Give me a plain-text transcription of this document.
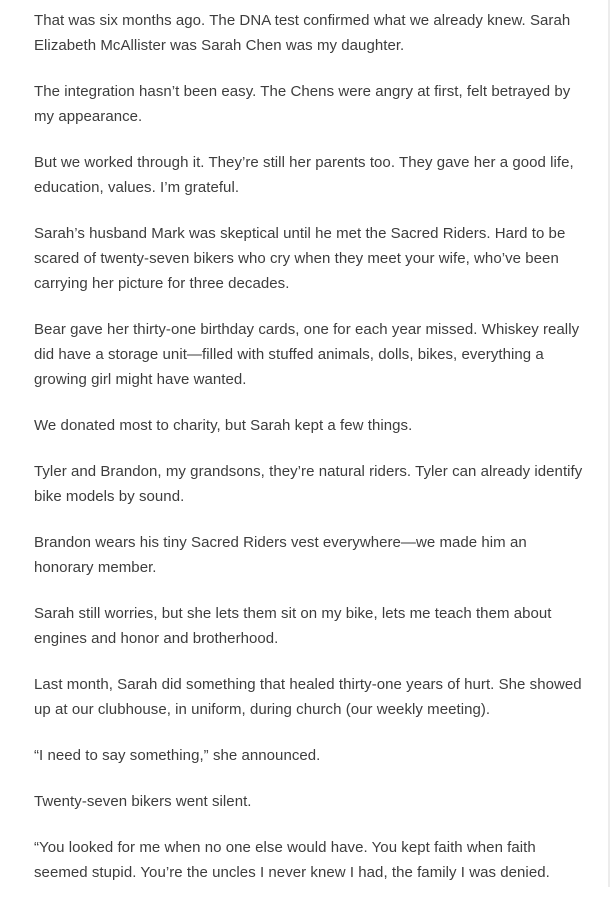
That was six months ago. The DNA test confirmed what we already knew. Sarah Elizabeth McAllister was Sarah Chen was my daughter.

The integration hasn’t been easy. The Chens were angry at first, felt betrayed by my appearance.

But we worked through it. They’re still her parents too. They gave her a good life, education, values. I’m grateful.

Sarah’s husband Mark was skeptical until he met the Sacred Riders. Hard to be scared of twenty-seven bikers who cry when they meet your wife, who’ve been carrying her picture for three decades.

Bear gave her thirty-one birthday cards, one for each year missed. Whiskey really did have a storage unit—filled with stuffed animals, dolls, bikes, everything a growing girl might have wanted.

We donated most to charity, but Sarah kept a few things.

Tyler and Brandon, my grandsons, they’re natural riders. Tyler can already identify bike models by sound.

Brandon wears his tiny Sacred Riders vest everywhere—we made him an honorary member.

Sarah still worries, but she lets them sit on my bike, lets me teach them about engines and honor and brotherhood.

Last month, Sarah did something that healed thirty-one years of hurt. She showed up at our clubhouse, in uniform, during church (our weekly meeting).

“I need to say something,” she announced.

Twenty-seven bikers went silent.

“You looked for me when no one else would have. You kept faith when faith seemed stupid. You’re the uncles I never knew I had, the family I was denied.
